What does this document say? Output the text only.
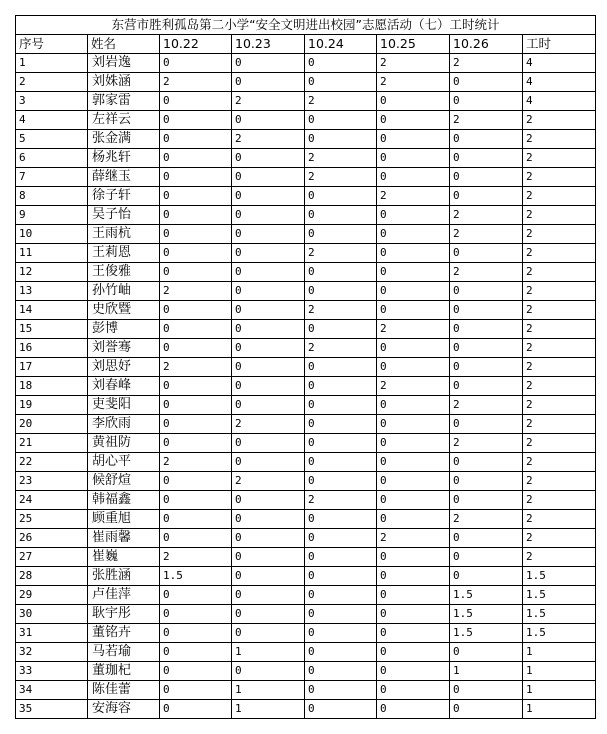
东营市胜利孤岛第二小学“安全文明进出校园”志愿活动（七）工时统计							
序号	姓名	10.22	10.23	10.24	10.25	10.26	工时
1	刘岩逸	0	0	0	2	2	4
2	刘姝涵	2	0	0	2	0	4
3	郭家雷	0	2	2	0	0	4
4	左祥云	0	0	0	0	2	2
5	张金满	0	2	0	0	0	2
6	杨兆轩	0	0	2	0	0	2
7	薛继玉	0	0	2	0	0	2
8	徐子轩	0	0	0	2	0	2
9	吴子怡	0	0	0	0	2	2
10	王雨杭	0	0	0	0	2	2
11	王莉恩	0	0	2	0	0	2
12	王俊雅	0	0	0	0	2	2
13	孙竹岫	2	0	0	0	0	2
14	史欣暨	0	0	2	0	0	2
15	彭博	0	0	0	2	0	2
16	刘誉骞	0	0	2	0	0	2
17	刘思妤	2	0	0	0	0	2
18	刘春峰	0	0	0	2	0	2
19	吏斐阳	0	0	0	0	2	2
20	李欣雨	0	2	0	0	0	2
21	黄祖防	0	0	0	0	2	2
22	胡心平	2	0	0	0	0	2
23	候舒煊	0	2	0	0	0	2
24	韩福鑫	0	0	2	0	0	2
25	顾重旭	0	0	0	0	2	2
26	崔雨馨	0	0	0	2	0	2
27	崔巍	2	0	0	0	0	2
28	张胜涵	1.5	0	0	0	0	1.5
29	卢佳萍	0	0	0	0	1.5	1.5
30	耿宇彤	0	0	0	0	1.5	1.5
31	董铭卉	0	0	0	0	1.5	1.5
32	马若瑜	0	1	0	0	0	1
33	董珈杞	0	0	0	0	1	1
34	陈佳蕾	0	1	0	0	0	1
35	安海容	0	1	0	0	0	1
